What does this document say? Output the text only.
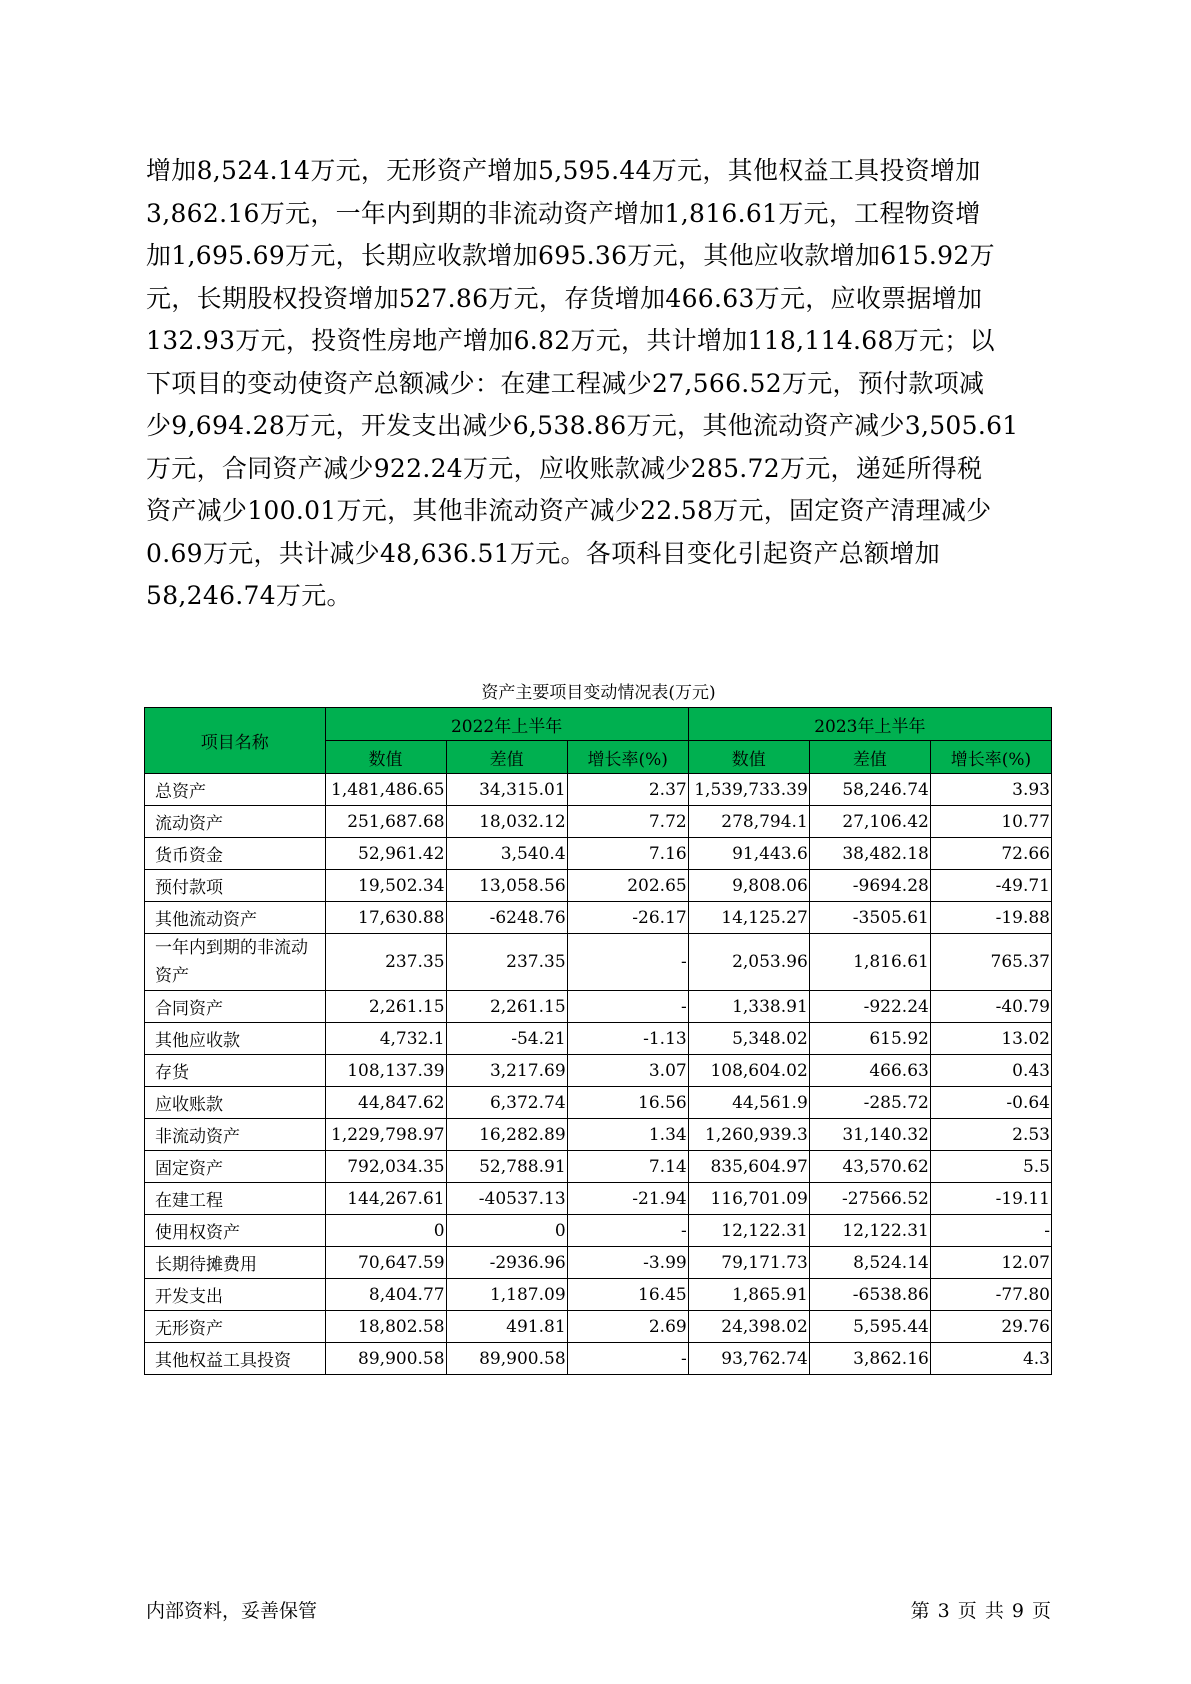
增加8,524.14万元，无形资产增加5,595.44万元，其他权益工具投资增加

3,862.16万元，一年内到期的非流动资产增加1,816.61万元，工程物资增

加1,695.69万元，长期应收款增加695.36万元，其他应收款增加615.92万

元，长期股权投资增加527.86万元，存货增加466.63万元，应收票据增加

132.93万元，投资性房地产增加6.82万元，共计增加118,114.68万元；以

下项目的变动使资产总额减少：在建工程减少27,566.52万元，预付款项减

少9,694.28万元，开发支出减少6,538.86万元，其他流动资产减少3,505.61

万元，合同资产减少922.24万元，应收账款减少285.72万元，递延所得税

资产减少100.01万元，其他非流动资产减少22.58万元，固定资产清理减少

0.69万元，共计减少48,636.51万元。各项科目变化引起资产总额增加

58,246.74万元。

资产主要项目变动情况表(万元)
项目名称	2022年上半年			2023年上半年		
	数值	差值	增长率(%)	数值	差值	增长率(%)
总资产	1,481,486.65	34,315.01	2.37	1,539,733.39	58,246.74	3.93
流动资产	251,687.68	18,032.12	7.72	278,794.1	27,106.42	10.77
货币资金	52,961.42	3,540.4	7.16	91,443.6	38,482.18	72.66
预付款项	19,502.34	13,058.56	202.65	9,808.06	-9694.28	-49.71
其他流动资产	17,630.88	-6248.76	-26.17	14,125.27	-3505.61	-19.88
一年内到期的非流动资产	237.35	237.35	-	2,053.96	1,816.61	765.37
合同资产	2,261.15	2,261.15	-	1,338.91	-922.24	-40.79
其他应收款	4,732.1	-54.21	-1.13	5,348.02	615.92	13.02
存货	108,137.39	3,217.69	3.07	108,604.02	466.63	0.43
应收账款	44,847.62	6,372.74	16.56	44,561.9	-285.72	-0.64
非流动资产	1,229,798.97	16,282.89	1.34	1,260,939.3	31,140.32	2.53
固定资产	792,034.35	52,788.91	7.14	835,604.97	43,570.62	5.5
在建工程	144,267.61	-40537.13	-21.94	116,701.09	-27566.52	-19.11
使用权资产	0	0	-	12,122.31	12,122.31	-
长期待摊费用	70,647.59	-2936.96	-3.99	79,171.73	8,524.14	12.07
开发支出	8,404.77	1,187.09	16.45	1,865.91	-6538.86	-77.80
无形资产	18,802.58	491.81	2.69	24,398.02	5,595.44	29.76
其他权益工具投资	89,900.58	89,900.58	-	93,762.74	3,862.16	4.3
内部资料，妥善保管	第 3 页 共 9 页
